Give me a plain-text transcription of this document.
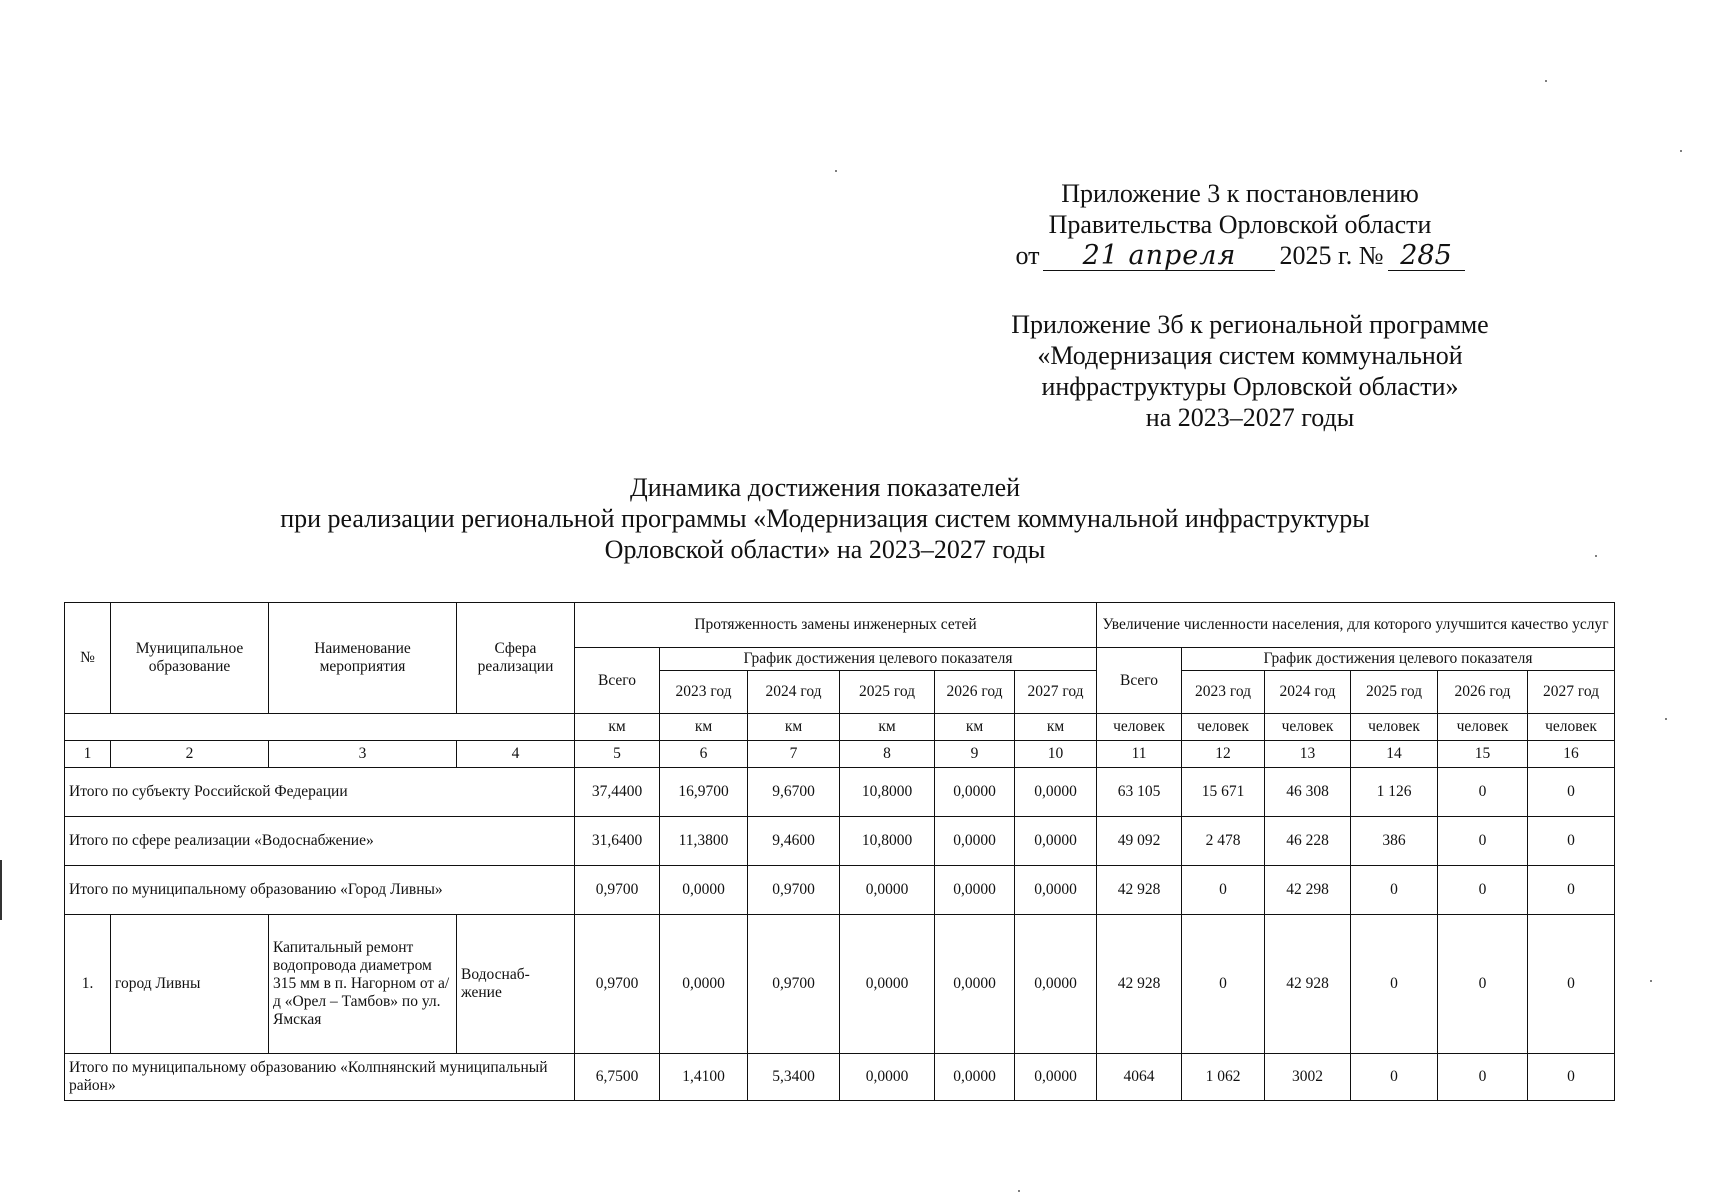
Приложение 3 к постановлению
Правительства Орловской области
от	21 апреля	2025 г. № 285
Приложение 3б к региональной программе
«Модернизация систем коммунальной
инфраструктуры Орловской области»
на 2023–2027 годы
Динамика достижения показателей
при реализации региональной программы «Модернизация систем коммунальной инфраструктуры
Орловской области» на 2023–2027 годы
№	Муниципальное образование	Наименование мероприятия	Сфера реализации	Протяженность замены инженерных сетей						Увеличение численности населения, для которого улучшится качество услуг					
				Всего	График достижения целевого показателя					Всего	График достижения целевого показателя				
					2023 год	2024 год	2025 год	2026 год	2027 год		2023 год	2024 год	2025 год	2026 год	2027 год
				км	км	км	км	км	км	человек	человек	человек	человек	человек	человек
1	2	3	4	5	6	7	8	9	10	11	12	13	14	15	16
Итого по субъекту Российской Федерации				37,4400	16,9700	9,6700	10,8000	0,0000	0,0000	63 105	15 671	46 308	1 126	0	0
Итого по сфере реализации «Водоснабжение»				31,6400	11,3800	9,4600	10,8000	0,0000	0,0000	49 092	2 478	46 228	386	0	0
Итого по муниципальному образованию «Город Ливны»				0,9700	0,0000	0,9700	0,0000	0,0000	0,0000	42 928	0	42 298	0	0	0
1.	город Ливны	Капитальный ремонт водопровода диаметром 315 мм в п. Нагорном от а/д «Орел – Тамбов» по ул. Ямская	Водоснаб-жение	0,9700	0,0000	0,9700	0,0000	0,0000	0,0000	42 928	0	42 928	0	0	0
Итого по муниципальному образованию «Колпнянский муниципальный район»				6,7500	1,4100	5,3400	0,0000	0,0000	0,0000	4064	1 062	3002	0	0	0
